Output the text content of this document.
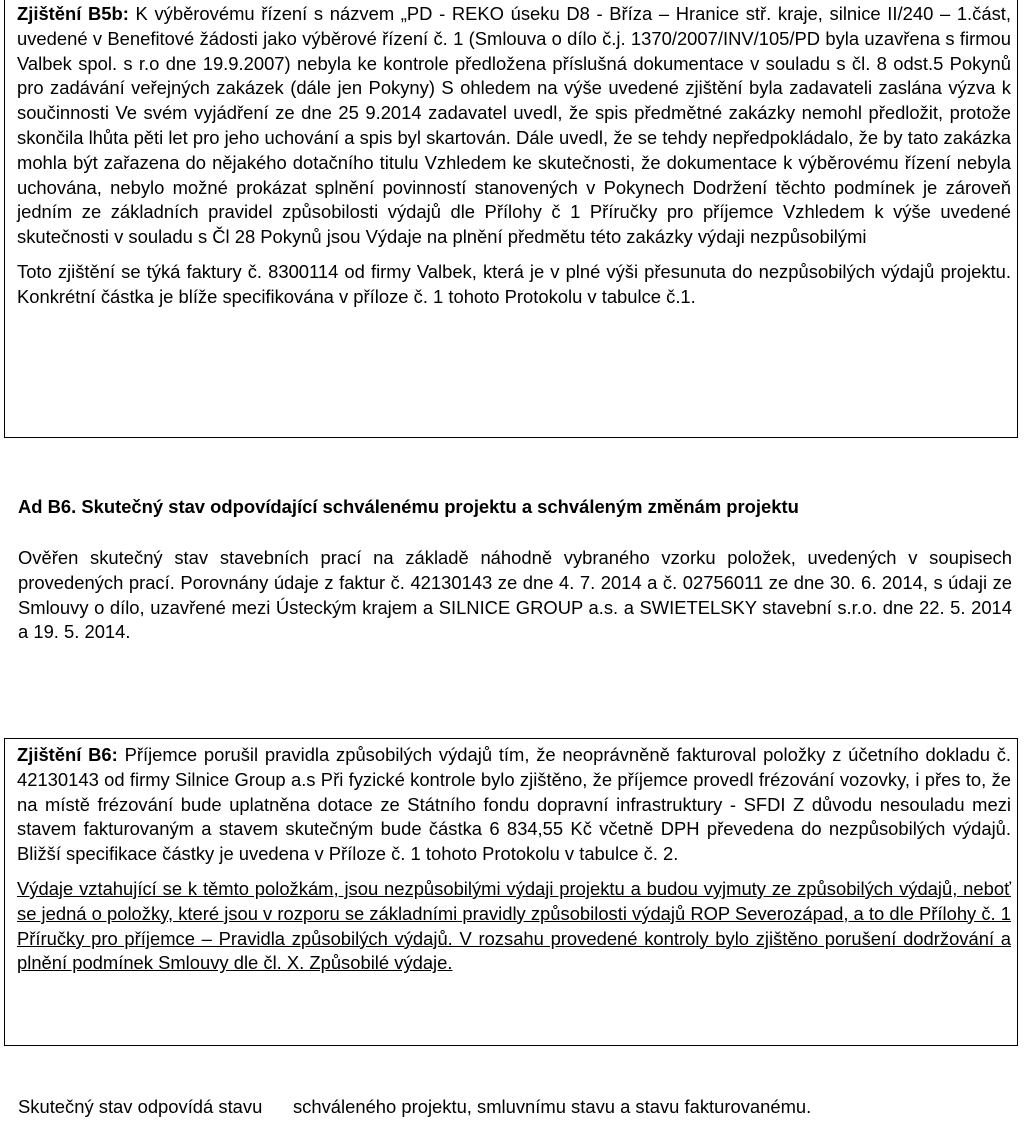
Zjištění B5b: K výběrovému řízení s názvem „PD - REKO úseku D8 - Bříza – Hranice stř. kraje, silnice II/240 – 1.část, uvedené v Benefitové žádosti jako výběrové řízení č. 1 (Smlouva o dílo č.j. 1370/2007/INV/105/PD byla uzavřena s firmou Valbek spol. s r.o dne 19.9.2007) nebyla ke kontrole předložena příslušná dokumentace v souladu s čl. 8 odst.5 Pokynů pro zadávání veřejných zakázek (dále jen Pokyny) S ohledem na výše uvedené zjištění byla zadavateli zaslána výzva k součinnosti Ve svém vyjádření ze dne 25 9.2014 zadavatel uvedl, že spis předmětné zakázky nemohl předložit, protože skončila lhůta pěti let pro jeho uchování a spis byl skartován. Dále uvedl, že se tehdy nepředpokládalo, že by tato zakázka mohla být zařazena do nějakého dotačního titulu Vzhledem ke skutečnosti, že dokumentace k výběrovému řízení nebyla uchována, nebylo možné prokázat splnění povinností stanovených v Pokynech Dodržení těchto podmínek je zároveň jedním ze základních pravidel způsobilosti výdajů dle Přílohy č 1 Příručky pro příjemce Vzhledem k výše uvedené skutečnosti v souladu s Čl 28 Pokynů jsou Výdaje na plnění předmětu této zakázky výdaji nezpůsobilými

Toto zjištění se týká faktury č. 8300114 od firmy Valbek, která je v plné výši přesunuta do nezpůsobilých výdajů projektu. Konkrétní částka je blíže specifikována v příloze č. 1 tohoto Protokolu v tabulce č.1.

Ad B6. Skutečný stav odpovídající schválenému projektu a schváleným změnám projektu

Ověřen skutečný stav stavebních prací na základě náhodně vybraného vzorku položek, uvedených v soupisech provedených prací. Porovnány údaje z faktur č. 42130143 ze dne 4. 7. 2014 a č. 02756011 ze dne 30. 6. 2014, s údaji ze Smlouvy o dílo, uzavřené mezi Ústeckým krajem a SILNICE GROUP a.s. a SWIETELSKY stavební s.r.o. dne 22. 5. 2014 a 19. 5. 2014.

Zjištění B6: Příjemce porušil pravidla způsobilých výdajů tím, že neoprávněně fakturoval položky z účetního dokladu č. 42130143 od firmy Silnice Group a.s Při fyzické kontrole bylo zjištěno, že příjemce provedl frézování vozovky, i přes to, že na místě frézování bude uplatněna dotace ze Státního fondu dopravní infrastruktury - SFDI Z důvodu nesouladu mezi stavem fakturovaným a stavem skutečným bude částka 6 834,55 Kč včetně DPH převedena do nezpůsobilých výdajů. Bližší specifikace částky je uvedena v Příloze č. 1 tohoto Protokolu v tabulce č. 2.

Výdaje vztahující se k těmto položkám, jsou nezpůsobilými výdaji projektu a budou vyjmuty ze způsobilých výdajů, neboť se jedná o položky, které jsou v rozporu se základními pravidly způsobilosti výdajů ROP Severozápad, a to dle Přílohy č. 1 Příručky pro příjemce – Pravidla způsobilých výdajů. V rozsahu provedené kontroly bylo zjištěno porušení dodržování a plnění podmínek Smlouvy dle čl. X. Způsobilé výdaje.

Skutečný stav odpovídá stavu      schváleného projektu, smluvnímu stavu a stavu fakturovanému.
